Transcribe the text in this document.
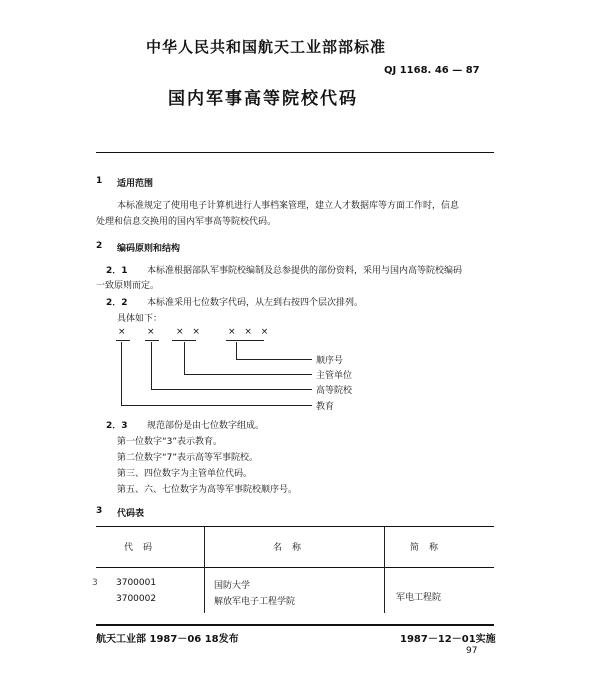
中华人民共和国航天工业部部标准
QJ 1168. 46 — 87
国内军事高等院校代码
1 适用范围
本标准规定了使用电子计算机进行人事档案管理，建立人才数据库等方面工作时，信息
处理和信息交换用的国内军事高等院校代码。
2 编码原则和结构
2．1 本标准根据部队军事院校编制及总参提供的部份资料，采用与国内高等院校编码
一致原则而定。
2．2 本标准采用七位数字代码，从左到右按四个层次排列。
具体如下：
× × × ×	× × ×
顺序号
主管单位
高等院校
教育
2．3 规范部份是由七位数字组成。
第一位数字“3”表示教育。
第二位数字“7”表示高等军事院校。
第三、四位数字为主管单位代码。
第五、六、七位数字为高等军事院校顺序号。
3 代码表
代码	名称	简称
3 3700001	国防大学
3700002	解放军电子工程学院	军电工程院
航天工业部 1987－06 18发布	1987－12－01实施
97
